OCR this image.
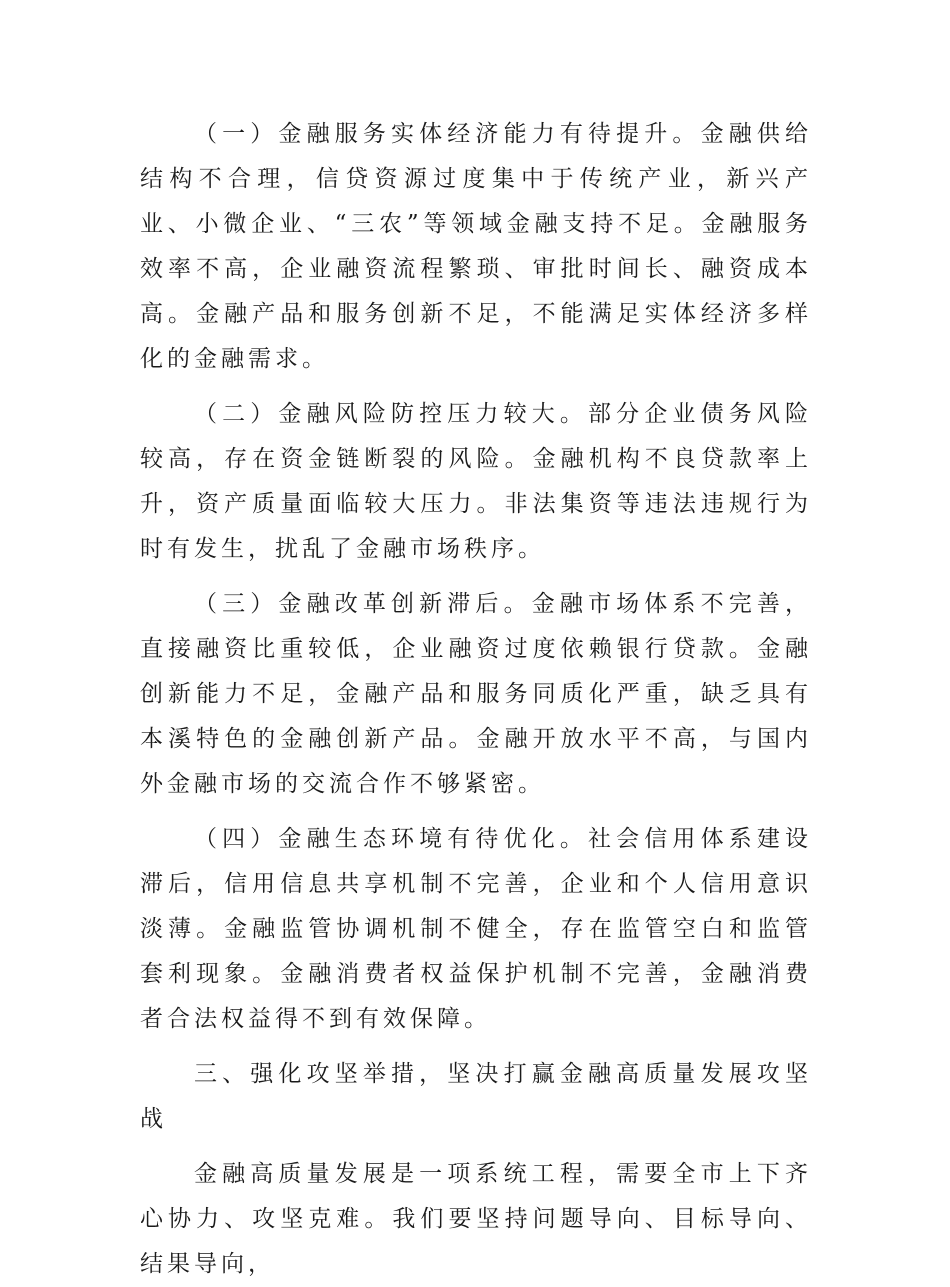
（一）金融服务实体经济能力有待提升。金融供给结构不合理，信贷资源过度集中于传统产业，新兴产业、小微企业、“三农”等领域金融支持不足。金融服务效率不高，企业融资流程繁琐、审批时间长、融资成本高。金融产品和服务创新不足，不能满足实体经济多样化的金融需求。

（二）金融风险防控压力较大。部分企业债务风险较高，存在资金链断裂的风险。金融机构不良贷款率上升，资产质量面临较大压力。非法集资等违法违规行为时有发生，扰乱了金融市场秩序。

（三）金融改革创新滞后。金融市场体系不完善，直接融资比重较低，企业融资过度依赖银行贷款。金融创新能力不足，金融产品和服务同质化严重，缺乏具有本溪特色的金融创新产品。金融开放水平不高，与国内外金融市场的交流合作不够紧密。

（四）金融生态环境有待优化。社会信用体系建设滞后，信用信息共享机制不完善，企业和个人信用意识淡薄。金融监管协调机制不健全，存在监管空白和监管套利现象。金融消费者权益保护机制不完善，金融消费者合法权益得不到有效保障。

三、强化攻坚举措，坚决打赢金融高质量发展攻坚战

金融高质量发展是一项系统工程，需要全市上下齐心协力、攻坚克难。我们要坚持问题导向、目标导向、结果导向，
